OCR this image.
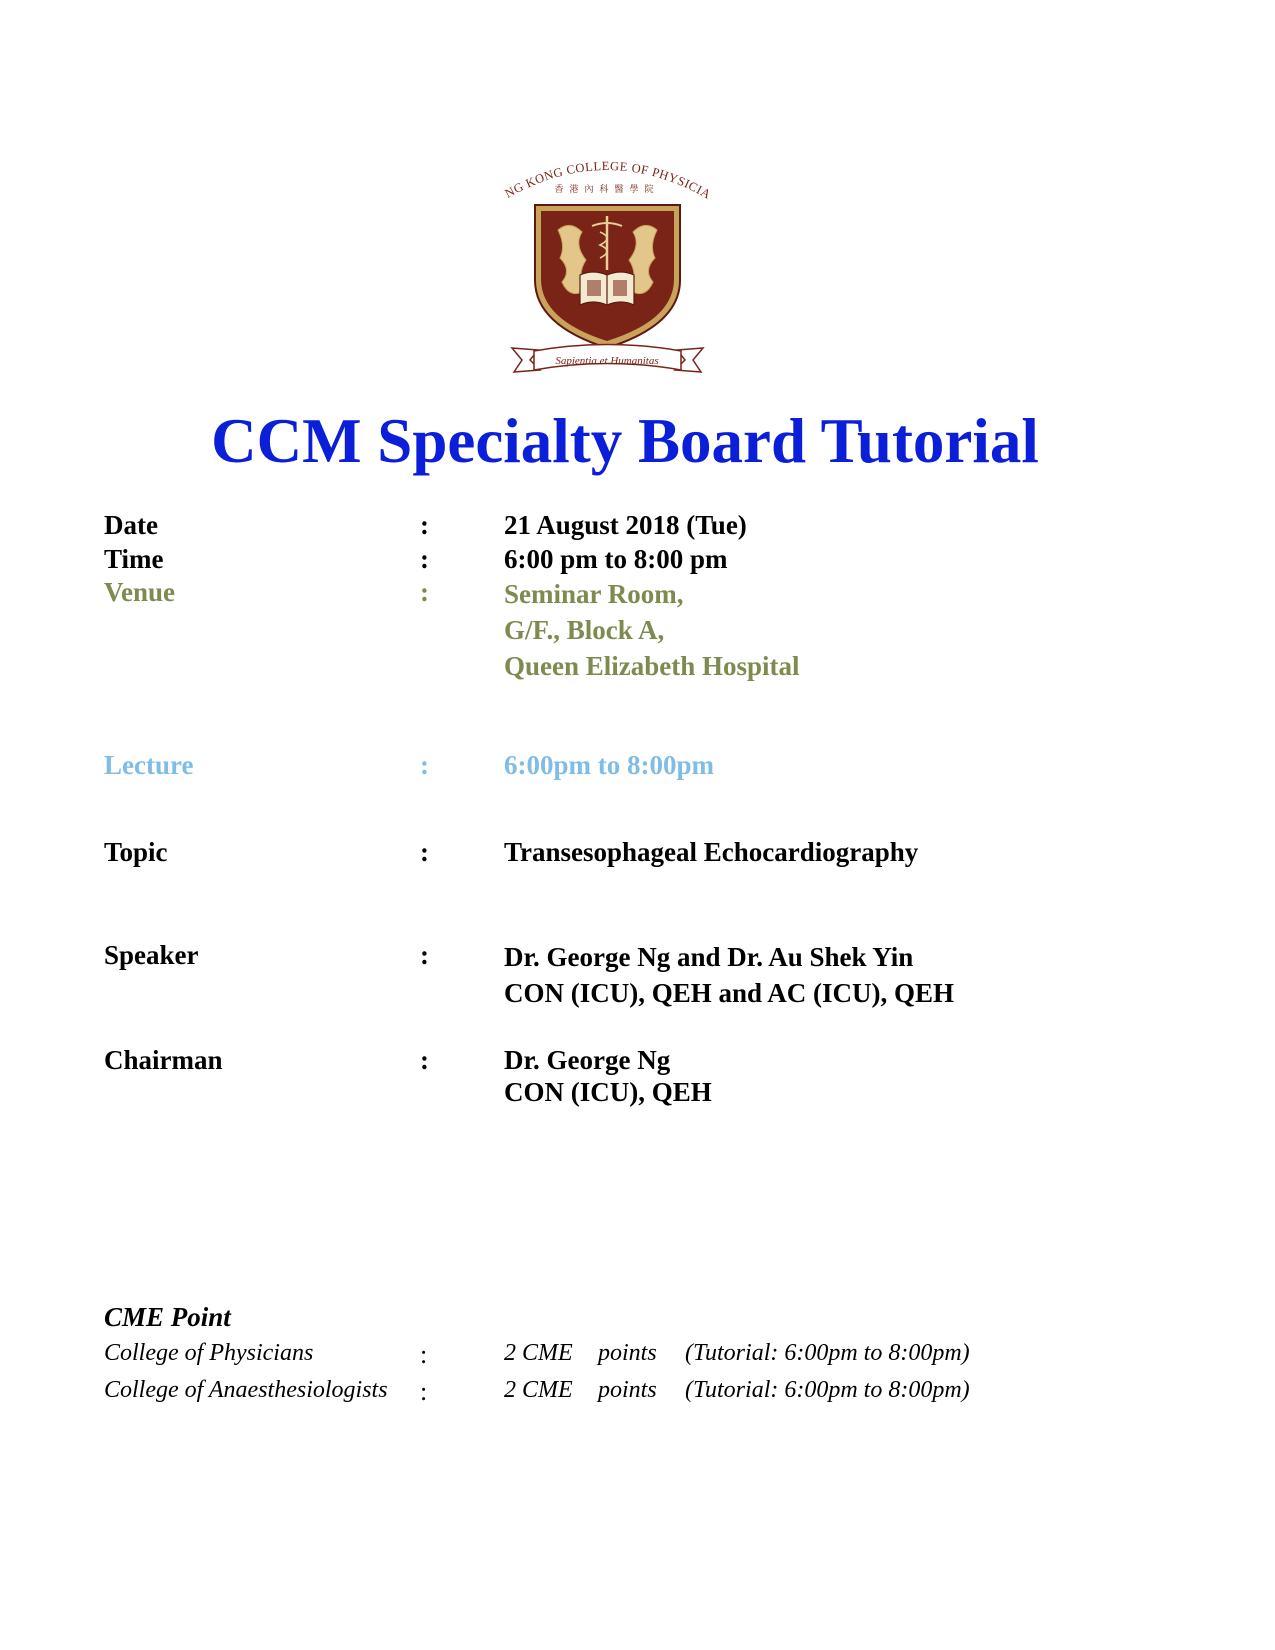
NG KONG COLLEGE OF PHYSICIA
香港內科醫學院
Sapientia et Humanitas
CCM Specialty Board Tutorial
Date	:	21 August 2018 (Tue)
Time	:	6:00 pm to 8:00 pm
Venue	:	Seminar Room,
G/F., Block A,
Queen Elizabeth Hospital
Lecture	:	6:00pm to 8:00pm
Topic	:	Transesophageal Echocardiography
Speaker	:	Dr. George Ng and Dr. Au Shek Yin
CON (ICU), QEH and AC (ICU), QEH
Chairman	:	Dr. George Ng
CON (ICU), QEH
CME Point
College of Physicians	:	2 CME points (Tutorial: 6:00pm to 8:00pm)
College of Anaesthesiologists :	2 CME points (Tutorial: 6:00pm to 8:00pm)
